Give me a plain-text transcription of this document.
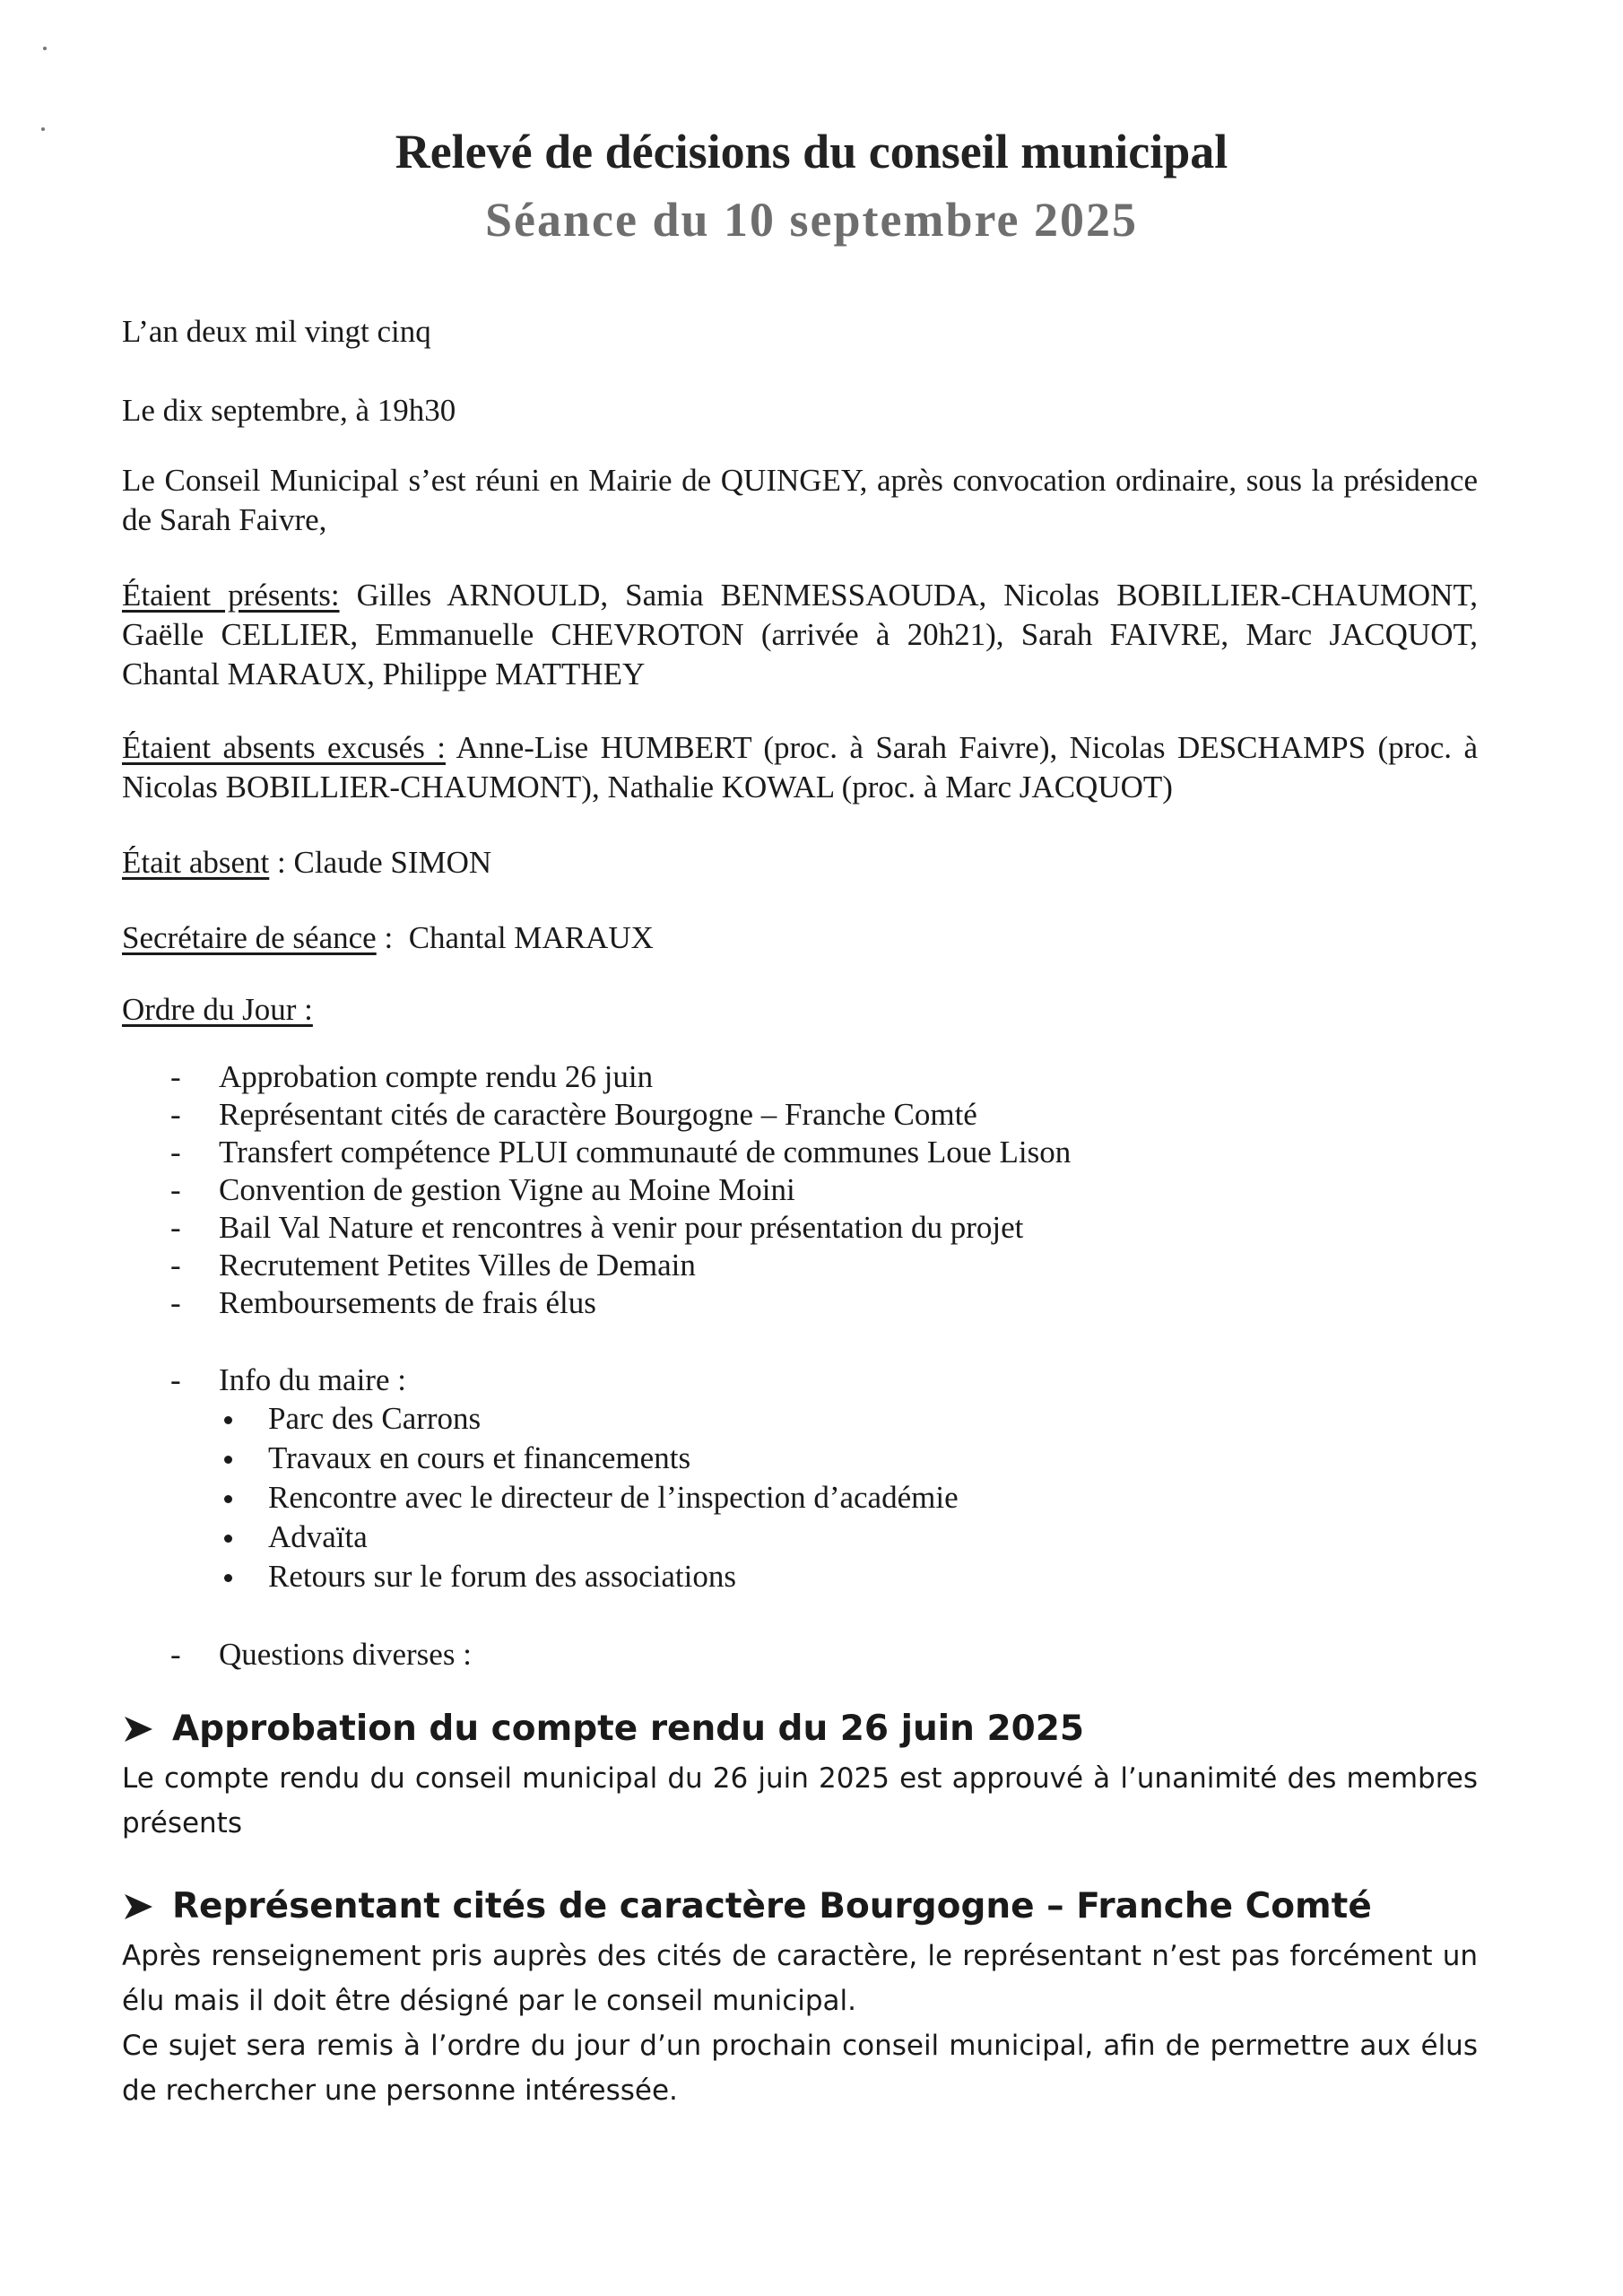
Relevé de décisions du conseil municipal
Séance du 10 septembre 2025

L’an deux mil vingt cinq

Le dix septembre, à 19h30

Le Conseil Municipal s’est réuni en Mairie de QUINGEY, après convocation ordinaire, sous la présidence de Sarah Faivre,

Étaient présents: Gilles ARNOULD, Samia BENMESSAOUDA, Nicolas BOBILLIER-CHAUMONT, Gaëlle CELLIER, Emmanuelle CHEVROTON (arrivée à 20h21), Sarah FAIVRE, Marc JACQUOT, Chantal MARAUX, Philippe MATTHEY

Étaient absents excusés : Anne-Lise HUMBERT (proc. à Sarah Faivre), Nicolas DESCHAMPS (proc. à Nicolas BOBILLIER-CHAUMONT), Nathalie KOWAL (proc. à Marc JACQUOT)

Était absent : Claude SIMON

Secrétaire de séance :  Chantal MARAUX

Ordre du Jour :

- Approbation compte rendu 26 juin
- Représentant cités de caractère Bourgogne – Franche Comté
- Transfert compétence PLUI communauté de communes Loue Lison
- Convention de gestion Vigne au Moine Moini
- Bail Val Nature et rencontres à venir pour présentation du projet
- Recrutement Petites Villes de Demain
- Remboursements de frais élus
- Info du maire :
Parc des Carrons
Travaux en cours et financements
Rencontre avec le directeur de l’inspection d’académie
Advaïta
Retours sur le forum des associations
- Questions diverses :
Approbation du compte rendu du 26 juin 2025

Le compte rendu du conseil municipal du 26 juin 2025 est approuvé à l’unanimité des membres présents

Représentant cités de caractère Bourgogne – Franche Comté

Après renseignement pris auprès des cités de caractère, le représentant n’est pas forcément un élu mais il doit être désigné par le conseil municipal.

Ce sujet sera remis à l’ordre du jour d’un prochain conseil municipal, afin de permettre aux élus de rechercher une personne intéressée.
